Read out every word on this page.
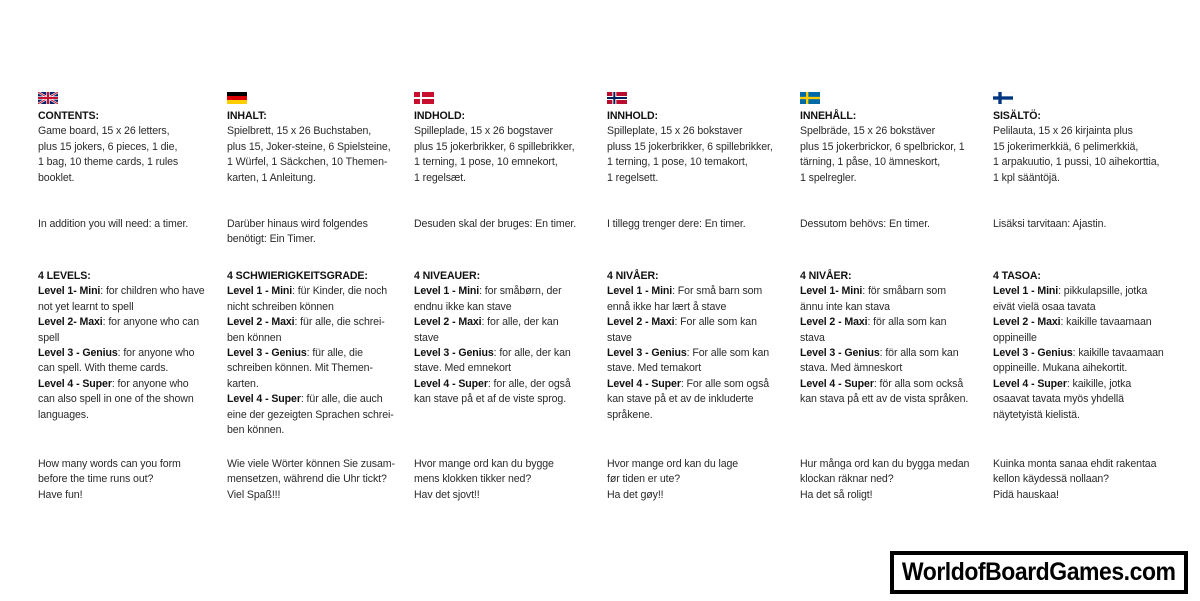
CONTENTS:
Game board, 15 x 26 letters,
plus 15 jokers, 6 pieces, 1 die,
1 bag, 10 theme cards, 1 rules
booklet.
In addition you will need: a timer.
4 LEVELS:
Level 1- Mini: for children who have
not yet learnt to spell
Level 2- Maxi: for anyone who can
spell
Level 3 - Genius: for anyone who
can spell. With theme cards.
Level 4 - Super: for anyone who
can also spell in one of the shown
languages.
How many words can you form
before the time runs out?
Have fun!
INHALT:
Spielbrett, 15 x 26 Buchstaben,
plus 15, Joker-steine, 6 Spielsteine,
1 Würfel, 1 Säckchen, 10 Themen-
karten, 1 Anleitung.
Darüber hinaus wird folgendes
benötigt: Ein Timer.
4 SCHWIERIGKEITSGRADE:
Level 1 - Mini: für Kinder, die noch
nicht schreiben können
Level 2 - Maxi: für alle, die schrei-
ben können
Level 3 - Genius: für alle, die
schreiben können. Mit Themen-
karten.
Level 4 - Super: für alle, die auch
eine der gezeigten Sprachen schrei-
ben können.
Wie viele Wörter können Sie zusam-
mensetzen, während die Uhr tickt?
Viel Spaß!!!
INDHOLD:
Spilleplade, 15 x 26 bogstaver
plus 15 jokerbrikker, 6 spillebrikker,
1 terning, 1 pose, 10 emnekort,
1 regelsæt.
Desuden skal der bruges: En timer.
4 NIVEAUER:
Level 1 - Mini: for småbørn, der
endnu ikke kan stave
Level 2 - Maxi: for alle, der kan
stave
Level 3 - Genius: for alle, der kan
stave. Med emnekort
Level 4 - Super: for alle, der også
kan stave på et af de viste sprog.
Hvor mange ord kan du bygge
mens klokken tikker ned?
Hav det sjovt!!
INNHOLD:
Spilleplate, 15 x 26 bokstaver
pluss 15 jokerbrikker, 6 spillebrikker,
1 terning, 1 pose, 10 temakort,
1 regelsett.
I tillegg trenger dere: En timer.
4 NIVÅER:
Level 1 - Mini: For små barn som
ennå ikke har lært å stave
Level 2 - Maxi: For alle som kan
stave
Level 3 - Genius: For alle som kan
stave. Med temakort
Level 4 - Super: For alle som også
kan stave på et av de inkluderte
språkene.
Hvor mange ord kan du lage
før tiden er ute?
Ha det gøy!!
INNEHÅLL:
Spelbräde, 15 x 26 bokstäver
plus 15 jokerbrickor, 6 spelbrickor, 1
tärning, 1 påse, 10 ämneskort,
1 spelregler.
Dessutom behövs: En timer.
4 NIVÅER:
Level 1- Mini: för småbarn som
ännu inte kan stava
Level 2 - Maxi: för alla som kan
stava
Level 3 - Genius: för alla som kan
stava. Med ämneskort
Level 4 - Super: för alla som också
kan stava på ett av de vista språken.
Hur många ord kan du bygga medan
klockan räknar ned?
Ha det så roligt!
SISÄLTÖ:
Pelilauta, 15 x 26 kirjainta plus
15 jokerimerkkiä, 6 pelimerkkiä,
1 arpakuutio, 1 pussi, 10 aihekorttia,
1 kpl sääntöjä.
Lisäksi tarvitaan: Ajastin.
4 TASOA:
Level 1 - Mini: pikkulapsille, jotka
eivät vielä osaa tavata
Level 2 - Maxi: kaikille tavaamaan
oppineille
Level 3 - Genius: kaikille tavaamaan
oppineille. Mukana aihekortit.
Level 4 - Super: kaikille, jotka
osaavat tavata myös yhdellä
näytetyistä kielistä.
Kuinka monta sanaa ehdit rakentaa
kellon käydessä nollaan?
Pidä hauskaa!
WorldofBoardGames.com
